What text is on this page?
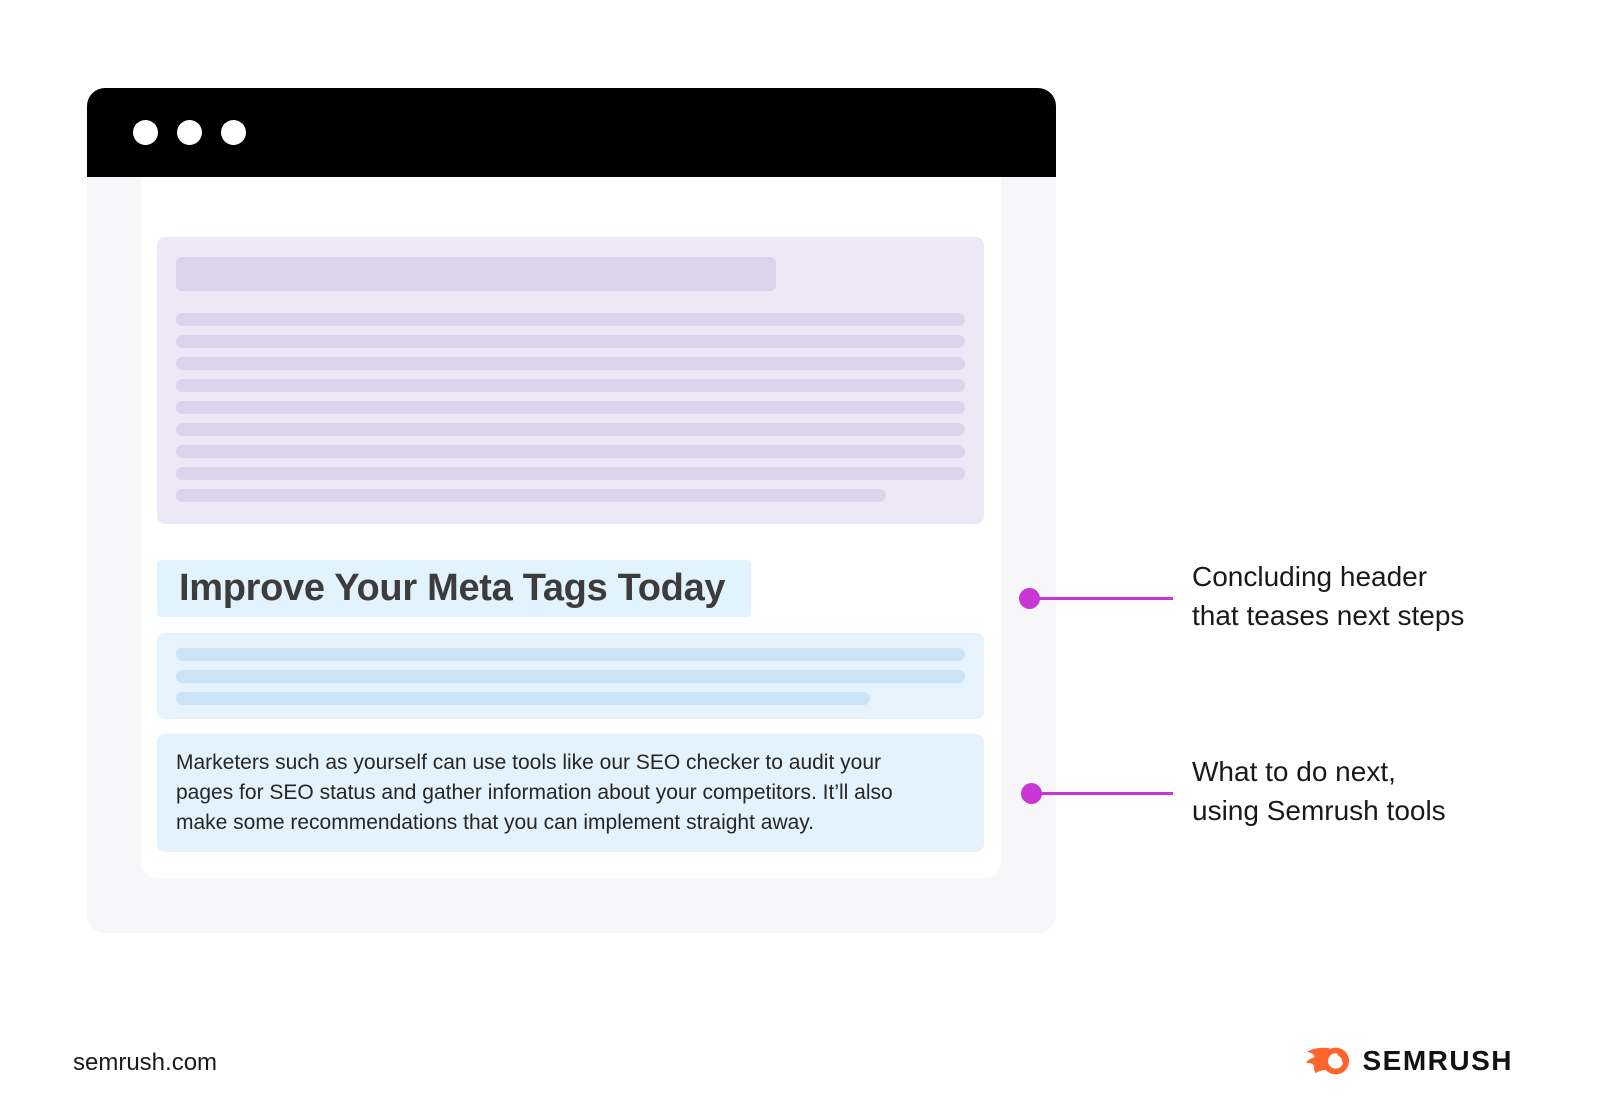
Improve Your Meta Tags Today
Marketers such as yourself can use tools like our SEO checker to audit your pages for SEO status and gather information about your competitors. It’ll also make some recommendations that you can implement straight away.
Concluding header
that teases next steps
What to do next,
using Semrush tools
semrush.com	SEMRUSH
